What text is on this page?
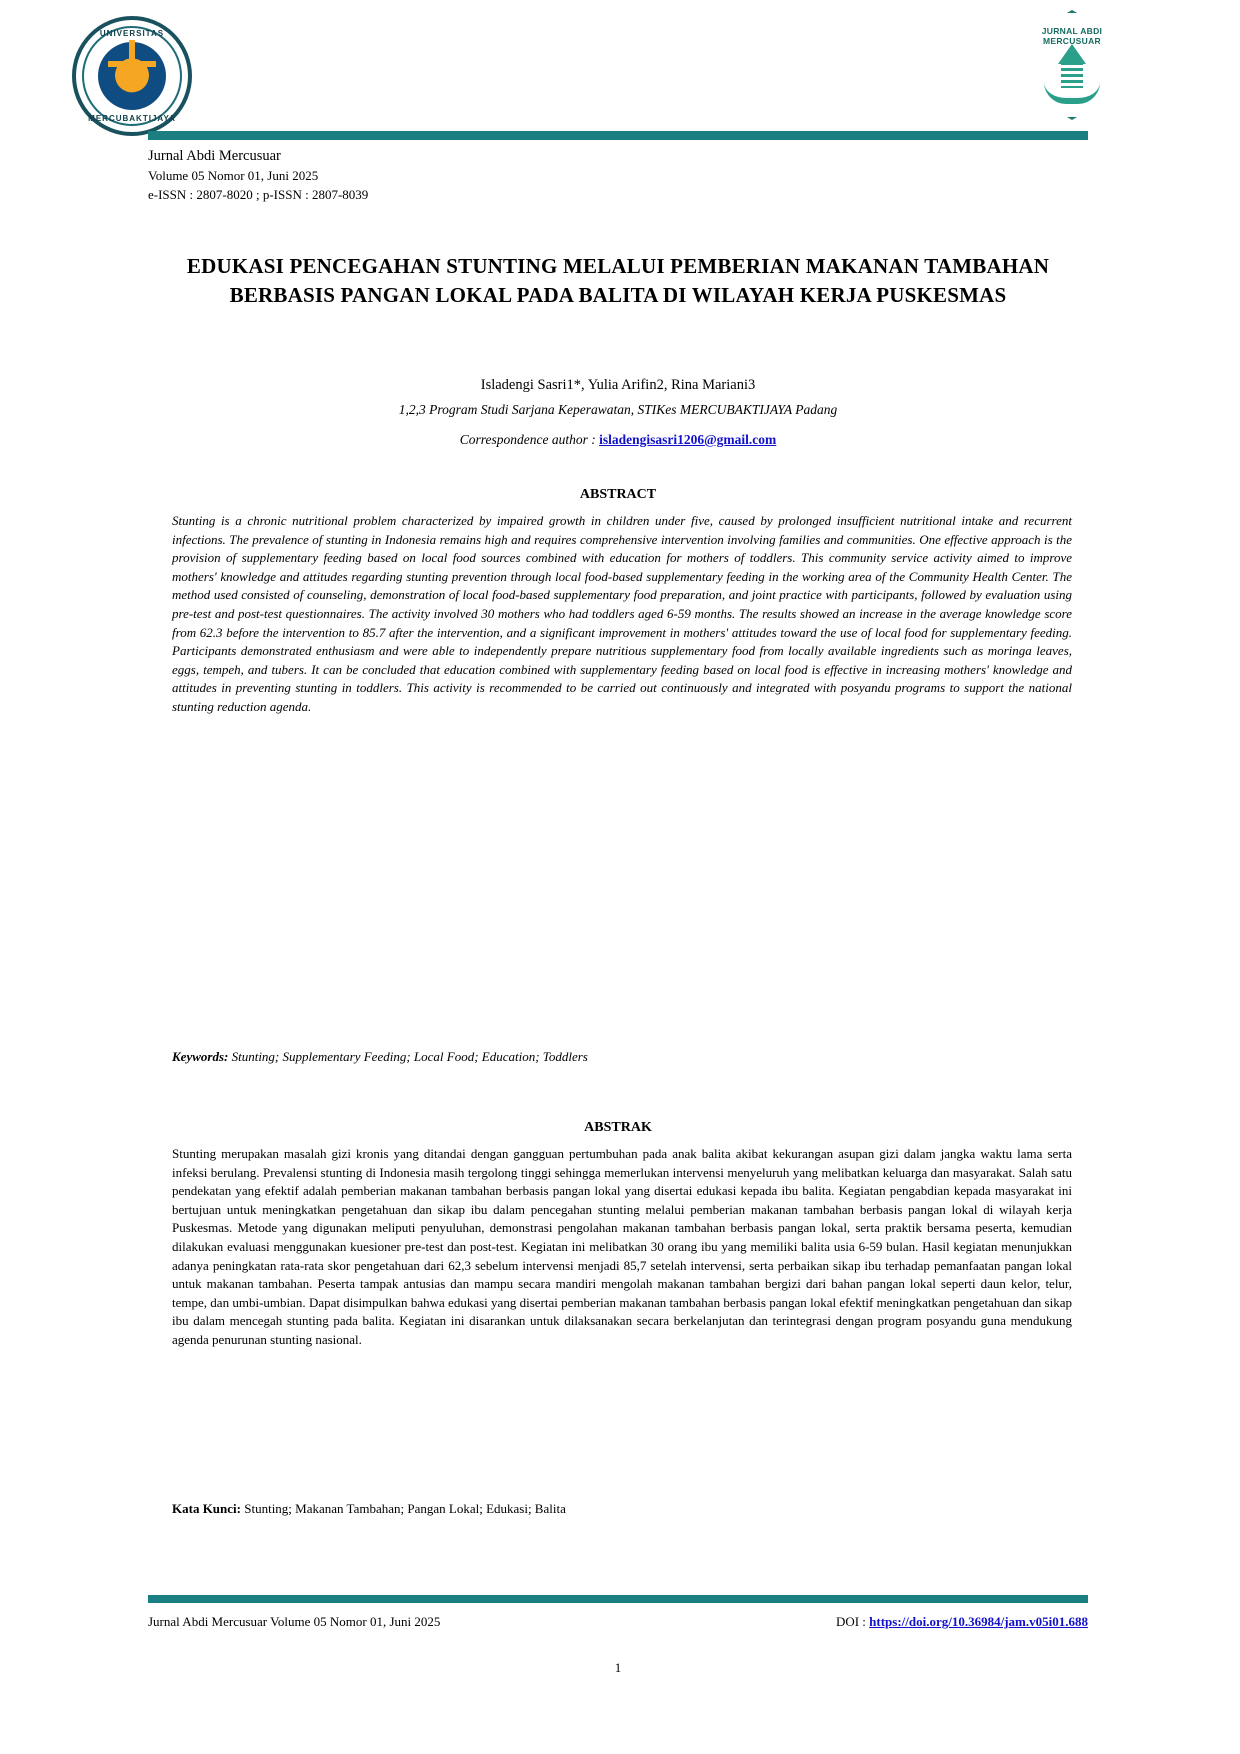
UNIVERSITAS
MERCUBAKTIJAYA
JURNAL ABDI MERCUSUAR
Jurnal Abdi Mercusuar
Volume 05 Nomor 01, Juni 2025
e-ISSN : 2807-8020 ; p-ISSN : 2807-8039
EDUKASI PENCEGAHAN STUNTING MELALUI PEMBERIAN MAKANAN TAMBAHAN BERBASIS PANGAN LOKAL PADA BALITA DI WILAYAH KERJA PUSKESMAS
Isladengi Sasri1*, Yulia Arifin2, Rina Mariani3
1,2,3 Program Studi Sarjana Keperawatan, STIKes MERCUBAKTIJAYA Padang
Correspondence author : isladengisasri1206@gmail.com
ABSTRACT
Stunting is a chronic nutritional problem characterized by impaired growth in children under five, caused by prolonged insufficient nutritional intake and recurrent infections. The prevalence of stunting in Indonesia remains high and requires comprehensive intervention involving families and communities. One effective approach is the provision of supplementary feeding based on local food sources combined with education for mothers of toddlers. This community service activity aimed to improve mothers' knowledge and attitudes regarding stunting prevention through local food-based supplementary feeding in the working area of the Community Health Center. The method used consisted of counseling, demonstration of local food-based supplementary food preparation, and joint practice with participants, followed by evaluation using pre-test and post-test questionnaires. The activity involved 30 mothers who had toddlers aged 6-59 months. The results showed an increase in the average knowledge score from 62.3 before the intervention to 85.7 after the intervention, and a significant improvement in mothers' attitudes toward the use of local food for supplementary feeding. Participants demonstrated enthusiasm and were able to independently prepare nutritious supplementary food from locally available ingredients such as moringa leaves, eggs, tempeh, and tubers. It can be concluded that education combined with supplementary feeding based on local food is effective in increasing mothers' knowledge and attitudes in preventing stunting in toddlers. This activity is recommended to be carried out continuously and integrated with posyandu programs to support the national stunting reduction agenda.
Keywords: Stunting; Supplementary Feeding; Local Food; Education; Toddlers
ABSTRAK
Stunting merupakan masalah gizi kronis yang ditandai dengan gangguan pertumbuhan pada anak balita akibat kekurangan asupan gizi dalam jangka waktu lama serta infeksi berulang. Prevalensi stunting di Indonesia masih tergolong tinggi sehingga memerlukan intervensi menyeluruh yang melibatkan keluarga dan masyarakat. Salah satu pendekatan yang efektif adalah pemberian makanan tambahan berbasis pangan lokal yang disertai edukasi kepada ibu balita. Kegiatan pengabdian kepada masyarakat ini bertujuan untuk meningkatkan pengetahuan dan sikap ibu dalam pencegahan stunting melalui pemberian makanan tambahan berbasis pangan lokal di wilayah kerja Puskesmas. Metode yang digunakan meliputi penyuluhan, demonstrasi pengolahan makanan tambahan berbasis pangan lokal, serta praktik bersama peserta, kemudian dilakukan evaluasi menggunakan kuesioner pre-test dan post-test. Kegiatan ini melibatkan 30 orang ibu yang memiliki balita usia 6-59 bulan. Hasil kegiatan menunjukkan adanya peningkatan rata-rata skor pengetahuan dari 62,3 sebelum intervensi menjadi 85,7 setelah intervensi, serta perbaikan sikap ibu terhadap pemanfaatan pangan lokal untuk makanan tambahan. Peserta tampak antusias dan mampu secara mandiri mengolah makanan tambahan bergizi dari bahan pangan lokal seperti daun kelor, telur, tempe, dan umbi-umbian. Dapat disimpulkan bahwa edukasi yang disertai pemberian makanan tambahan berbasis pangan lokal efektif meningkatkan pengetahuan dan sikap ibu dalam mencegah stunting pada balita. Kegiatan ini disarankan untuk dilaksanakan secara berkelanjutan dan terintegrasi dengan program posyandu guna mendukung agenda penurunan stunting nasional.
Kata Kunci: Stunting; Makanan Tambahan; Pangan Lokal; Edukasi; Balita
Jurnal Abdi Mercusuar Volume 05 Nomor 01, Juni 2025	DOI : https://doi.org/10.36984/jam.v05i01.688
1
